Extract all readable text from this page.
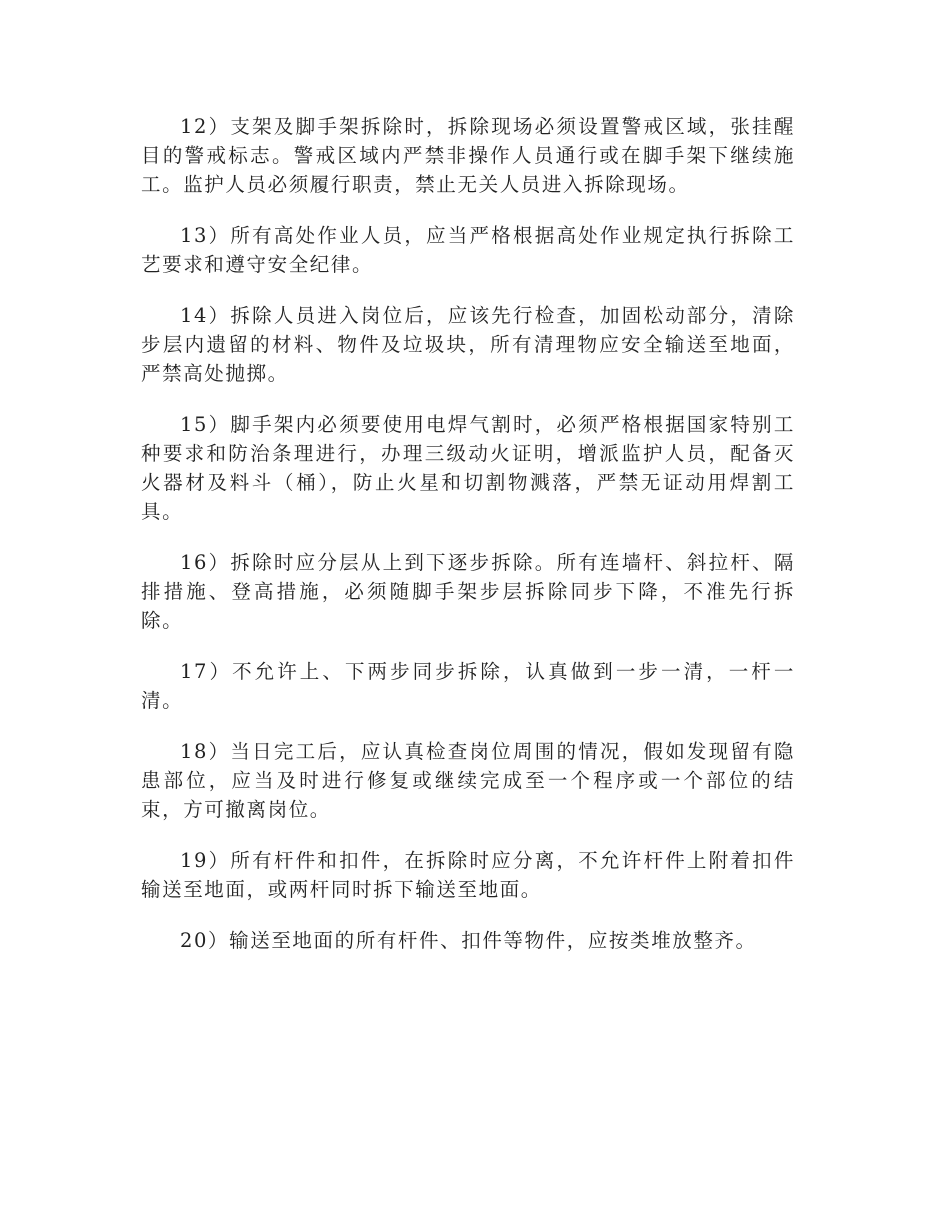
12）支架及脚手架拆除时，拆除现场必须设置警戒区域，张挂醒目的警戒标志。警戒区域内严禁非操作人员通行或在脚手架下继续施工。监护人员必须履行职责，禁止无关人员进入拆除现场。

13）所有高处作业人员，应当严格根据高处作业规定执行拆除工艺要求和遵守安全纪律。

14）拆除人员进入岗位后，应该先行检查，加固松动部分，清除步层内遗留的材料、物件及垃圾块，所有清理物应安全输送至地面，严禁高处抛掷。

15）脚手架内必须要使用电焊气割时，必须严格根据国家特别工种要求和防治条理进行，办理三级动火证明，增派监护人员，配备灭火器材及料斗（桶），防止火星和切割物溅落，严禁无证动用焊割工具。

16）拆除时应分层从上到下逐步拆除。所有连墙杆、斜拉杆、隔排措施、登高措施，必须随脚手架步层拆除同步下降，不准先行拆除。

17）不允许上、下两步同步拆除，认真做到一步一清，一杆一清。

18）当日完工后，应认真检查岗位周围的情况，假如发现留有隐患部位，应当及时进行修复或继续完成至一个程序或一个部位的结束，方可撤离岗位。

19）所有杆件和扣件，在拆除时应分离，不允许杆件上附着扣件输送至地面，或两杆同时拆下输送至地面。

20）输送至地面的所有杆件、扣件等物件，应按类堆放整齐。
